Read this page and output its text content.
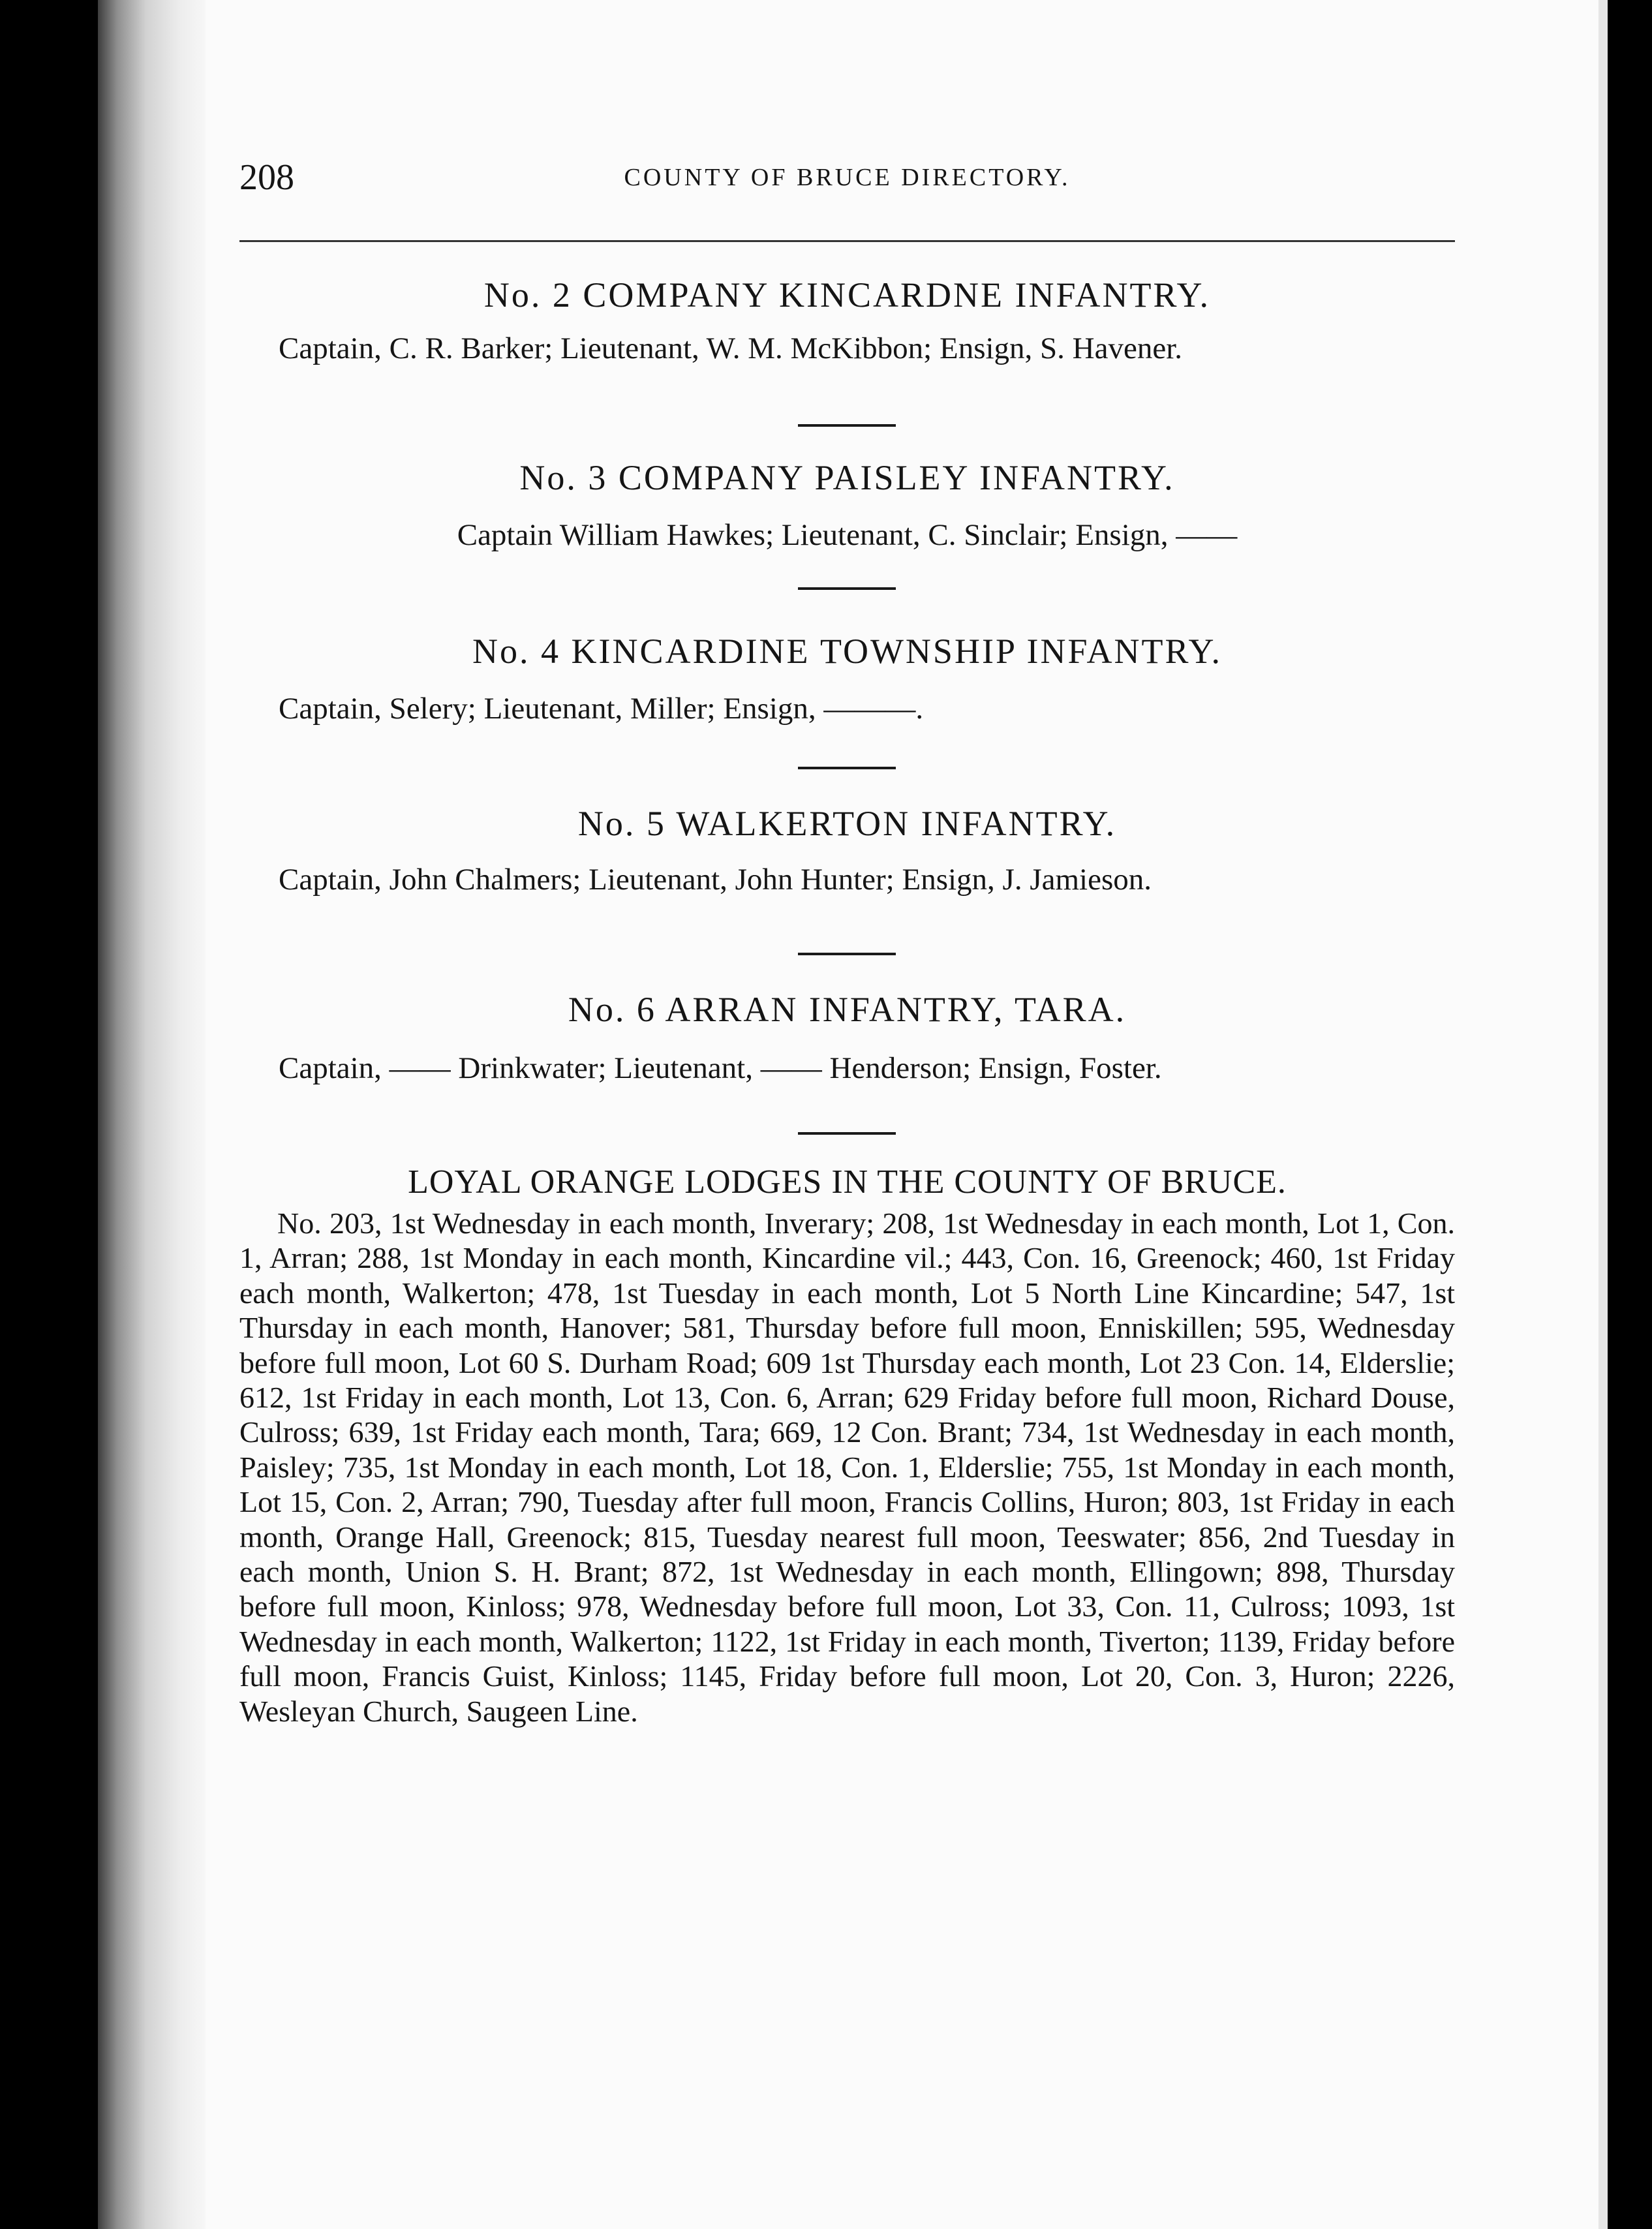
208	COUNTY OF BRUCE DIRECTORY.
No. 2 COMPANY KINCARDNE INFANTRY.
Captain, C. R. Barker; Lieutenant, W. M. McKibbon; Ensign, S. Havener.
No. 3 COMPANY PAISLEY INFANTRY.
Captain William Hawkes; Lieutenant, C. Sinclair; Ensign, ——
No. 4 KINCARDINE TOWNSHIP INFANTRY.
Captain, Selery; Lieutenant, Miller; Ensign, ———.
No. 5 WALKERTON INFANTRY.
Captain, John Chalmers; Lieutenant, John Hunter; Ensign, J. Jamieson.
No. 6 ARRAN INFANTRY, TARA.
Captain, —— Drinkwater; Lieutenant, —— Henderson; Ensign, Foster.
LOYAL ORANGE LODGES IN THE COUNTY OF BRUCE.
No. 203, 1st Wednesday in each month, Inverary; 208, 1st Wednesday in each month, Lot 1, Con. 1, Arran; 288, 1st Monday in each month, Kincardine vil.; 443, Con. 16, Greenock; 460, 1st Friday each month, Walkerton; 478, 1st Tuesday in each month, Lot 5 North Line Kincardine; 547, 1st Thursday in each month, Hanover; 581, Thursday before full moon, Enniskillen; 595, Wednesday before full moon, Lot 60 S. Durham Road; 609 1st Thursday each month, Lot 23 Con. 14, Elderslie; 612, 1st Friday in each month, Lot 13, Con. 6, Arran; 629 Friday before full moon, Richard Douse, Culross; 639, 1st Friday each month, Tara; 669, 12 Con. Brant; 734, 1st Wednesday in each month, Paisley; 735, 1st Monday in each month, Lot 18, Con. 1, Elderslie; 755, 1st Monday in each month, Lot 15, Con. 2, Arran; 790, Tuesday after full moon, Francis Collins, Huron; 803, 1st Friday in each month, Orange Hall, Greenock; 815, Tuesday nearest full moon, Teeswater; 856, 2nd Tuesday in each month, Union S. H. Brant; 872, 1st Wednesday in each month, Ellingown; 898, Thursday before full moon, Kinloss; 978, Wednesday before full moon, Lot 33, Con. 11, Culross; 1093, 1st Wednesday in each month, Walkerton; 1122, 1st Friday in each month, Tiverton; 1139, Friday before full moon, Francis Guist, Kinloss; 1145, Friday before full moon, Lot 20, Con. 3, Huron; 2226, Wesleyan Church, Saugeen Line.
